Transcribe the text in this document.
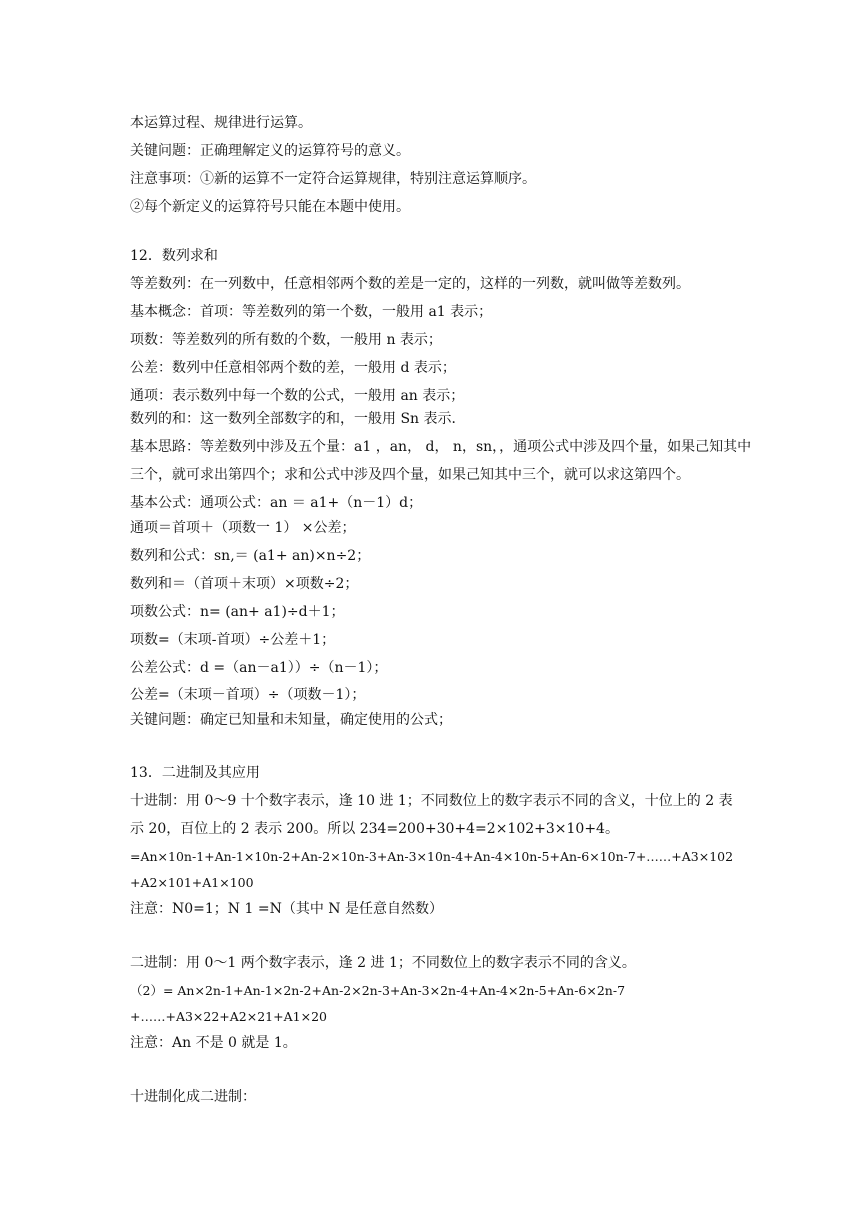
本运算过程、规律进行运算。
关键问题：正确理解定义的运算符号的意义。
注意事项：①新的运算不一定符合运算规律，特别注意运算顺序。
②每个新定义的运算符号只能在本题中使用。
12．数列求和
等差数列：在一列数中，任意相邻两个数的差是一定的，这样的一列数，就叫做等差数列。
基本概念：首项：等差数列的第一个数，一般用 a1 表示；
项数：等差数列的所有数的个数，一般用 n 表示；
公差：数列中任意相邻两个数的差，一般用 d 表示；
通项：表示数列中每一个数的公式，一般用 an 表示；
数列的和：这一数列全部数字的和，一般用 Sn 表示．
基本思路：等差数列中涉及五个量：a1 ，an， d， n，sn，，通项公式中涉及四个量，如果己知其中
三个，就可求出第四个；求和公式中涉及四个量，如果己知其中三个，就可以求这第四个。
基本公式：通项公式：an ＝ a1+（n－1）d；
通项＝首项＋（项数一 1） ×公差；
数列和公式：sn,＝ (a1+ an)×n÷2；
数列和＝（首项＋末项）×项数÷2；
项数公式：n= (an+ a1)÷d＋1；
项数=（末项-首项）÷公差＋1；
公差公式：d =（an－a1））÷（n－1）；
公差=（末项－首项）÷（项数－1）；
关键问题：确定已知量和未知量，确定使用的公式；
13．二进制及其应用
十进制：用 0～9 十个数字表示，逢 10 进 1；不同数位上的数字表示不同的含义，十位上的 2 表
示 20，百位上的 2 表示 200。所以 234=200+30+4=2×102+3×10+4。
=An×10n-1+An-1×10n-2+An-2×10n-3+An-3×10n-4+An-4×10n-5+An-6×10n-7+……+A3×102
+A2×101+A1×100
注意：N0=1；N 1 =N（其中 N 是任意自然数）
二进制：用 0～1 两个数字表示，逢 2 进 1；不同数位上的数字表示不同的含义。
（2）= An×2n-1+An-1×2n-2+An-2×2n-3+An-3×2n-4+An-4×2n-5+An-6×2n-7
+……+A3×22+A2×21+A1×20
注意：An 不是 0 就是 1。
十进制化成二进制：
